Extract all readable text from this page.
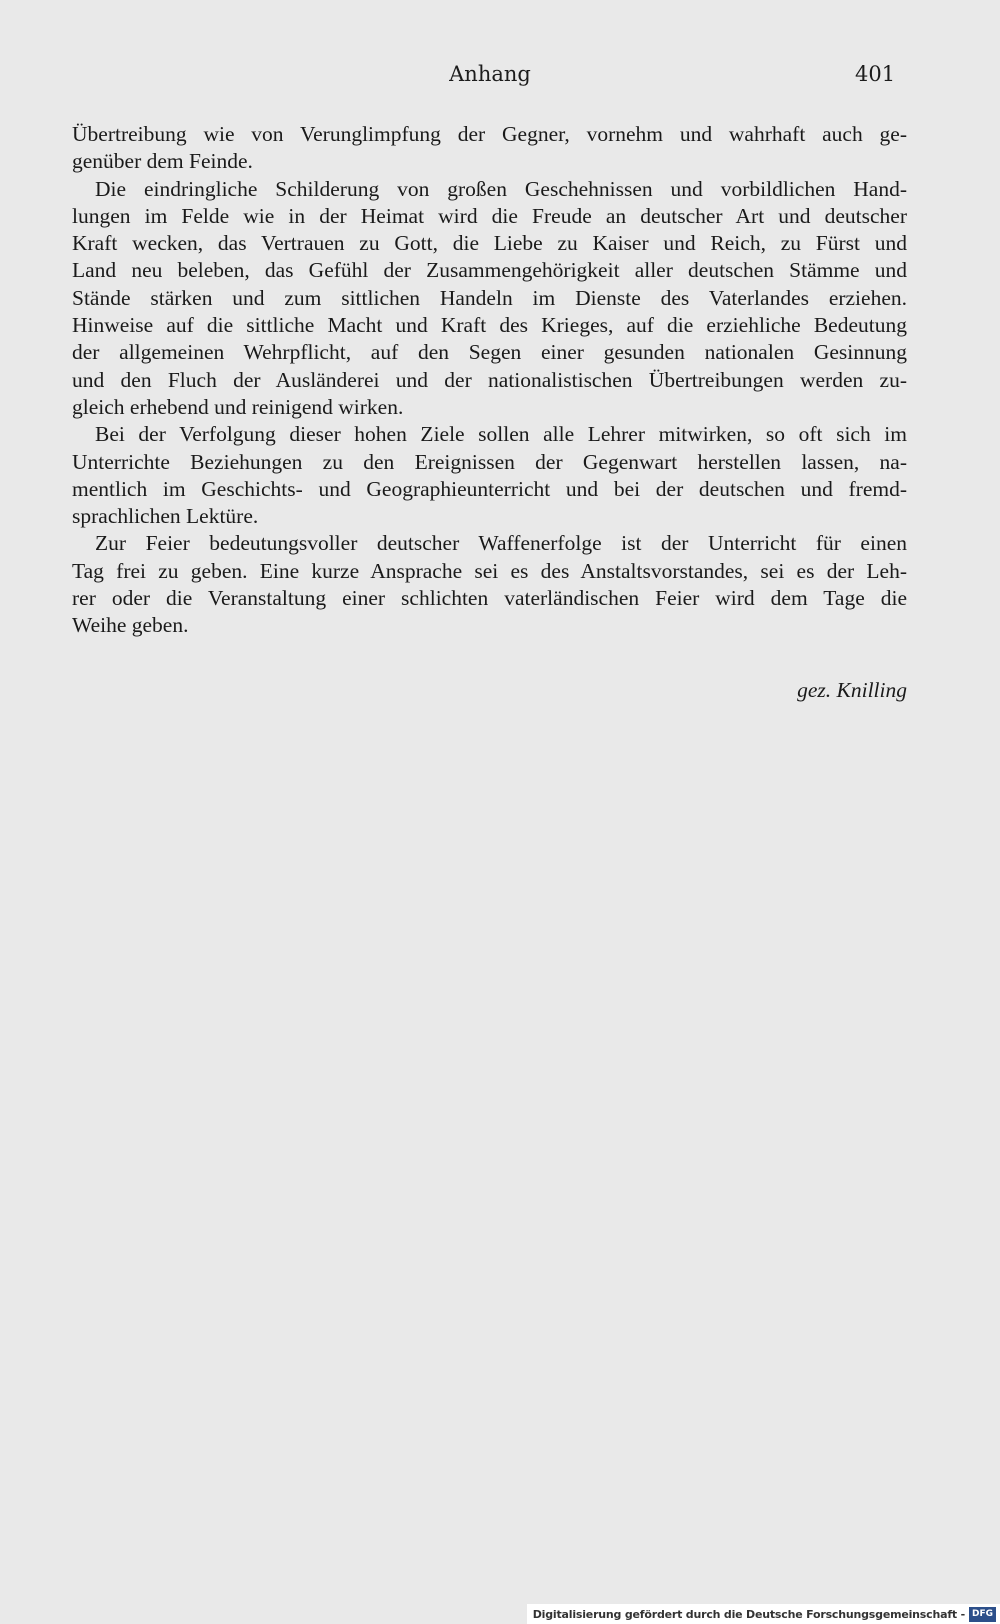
Anhang	401
Übertreibung wie von Verunglimpfung der Gegner, vornehm und wahrhaft auch ge-
genüber dem Feinde.
Die eindringliche Schilderung von großen Geschehnissen und vorbildlichen Hand-
lungen im Felde wie in der Heimat wird die Freude an deutscher Art und deutscher
Kraft wecken, das Vertrauen zu Gott, die Liebe zu Kaiser und Reich, zu Fürst und
Land neu beleben, das Gefühl der Zusammengehörigkeit aller deutschen Stämme und
Stände stärken und zum sittlichen Handeln im Dienste des Vaterlandes erziehen.
Hinweise auf die sittliche Macht und Kraft des Krieges, auf die erziehliche Bedeutung
der allgemeinen Wehrpflicht, auf den Segen einer gesunden nationalen Gesinnung
und den Fluch der Ausländerei und der nationalistischen Übertreibungen werden zu-
gleich erhebend und reinigend wirken.
Bei der Verfolgung dieser hohen Ziele sollen alle Lehrer mitwirken, so oft sich im
Unterrichte Beziehungen zu den Ereignissen der Gegenwart herstellen lassen, na-
mentlich im Geschichts- und Geographieunterricht und bei der deutschen und fremd-
sprachlichen Lektüre.
Zur Feier bedeutungsvoller deutscher Waffenerfolge ist der Unterricht für einen
Tag frei zu geben. Eine kurze Ansprache sei es des Anstaltsvorstandes, sei es der Leh-
rer oder die Veranstaltung einer schlichten vaterländischen Feier wird dem Tage die
Weihe geben.
gez. Knilling
Digitalisierung gefördert durch die Deutsche Forschungsgemeinschaft - DFG
